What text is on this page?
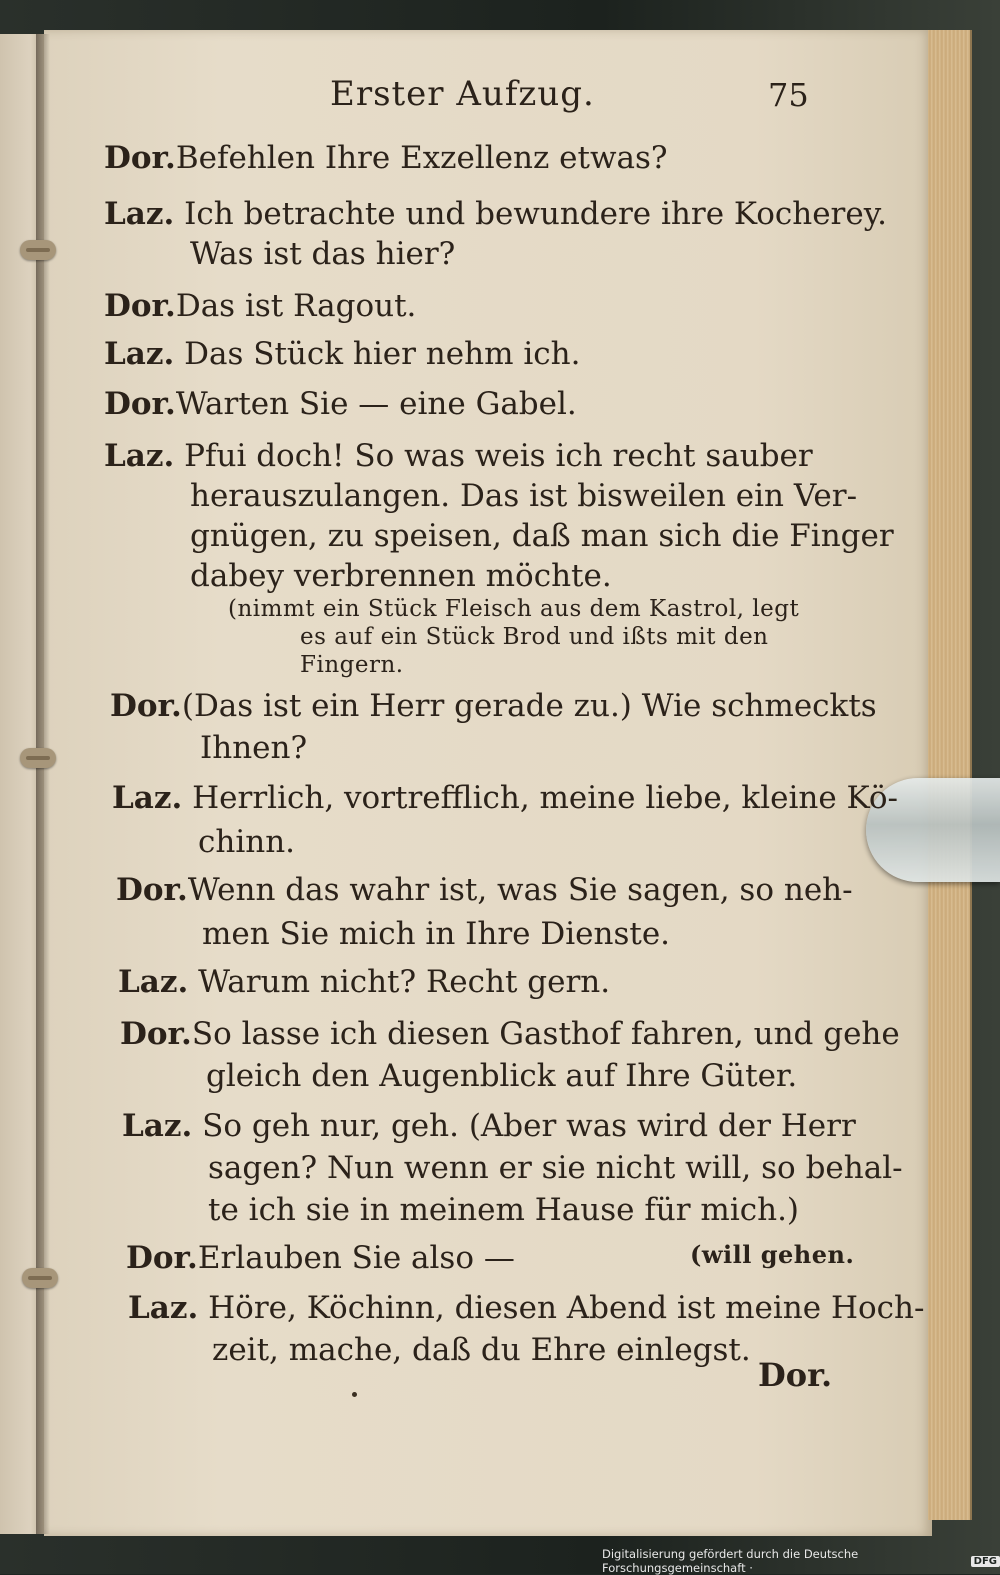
Erster Aufzug.	75
Dor.Befehlen Ihre Exzellenz etwas?
Laz. Ich betrachte und bewundere ihre Kocherey.
Was ist das hier?
Dor.Das ist Ragout.
Laz. Das Stück hier nehm ich.
Dor.Warten Sie — eine Gabel.
Laz. Pfui doch! So was weis ich recht sauber
herauszulangen. Das ist bisweilen ein Ver-
gnügen, zu speisen, daß man sich die Finger
dabey verbrennen möchte.
(nimmt ein Stück Fleisch aus dem Kastrol, legt
es auf ein Stück Brod und ißts mit den
Fingern.
Dor.(Das ist ein Herr gerade zu.) Wie schmeckts
Ihnen?
Laz. Herrlich, vortrefflich, meine liebe, kleine Kö-
chinn.
Dor.Wenn das wahr ist, was Sie sagen, so neh-
men Sie mich in Ihre Dienste.
Laz. Warum nicht? Recht gern.
Dor.So lasse ich diesen Gasthof fahren, und gehe
gleich den Augenblick auf Ihre Güter.
Laz. So geh nur, geh. (Aber was wird der Herr
sagen? Nun wenn er sie nicht will, so behal-
te ich sie in meinem Hause für mich.)
Dor.Erlauben Sie also —	(will gehen.
Laz. Höre, Köchinn, diesen Abend ist meine Hoch-
zeit, mache, daß du Ehre einlegst.
Dor.
Digitalisierung gefördert durch die Deutsche Forschungsgemeinschaft ·	DFG
